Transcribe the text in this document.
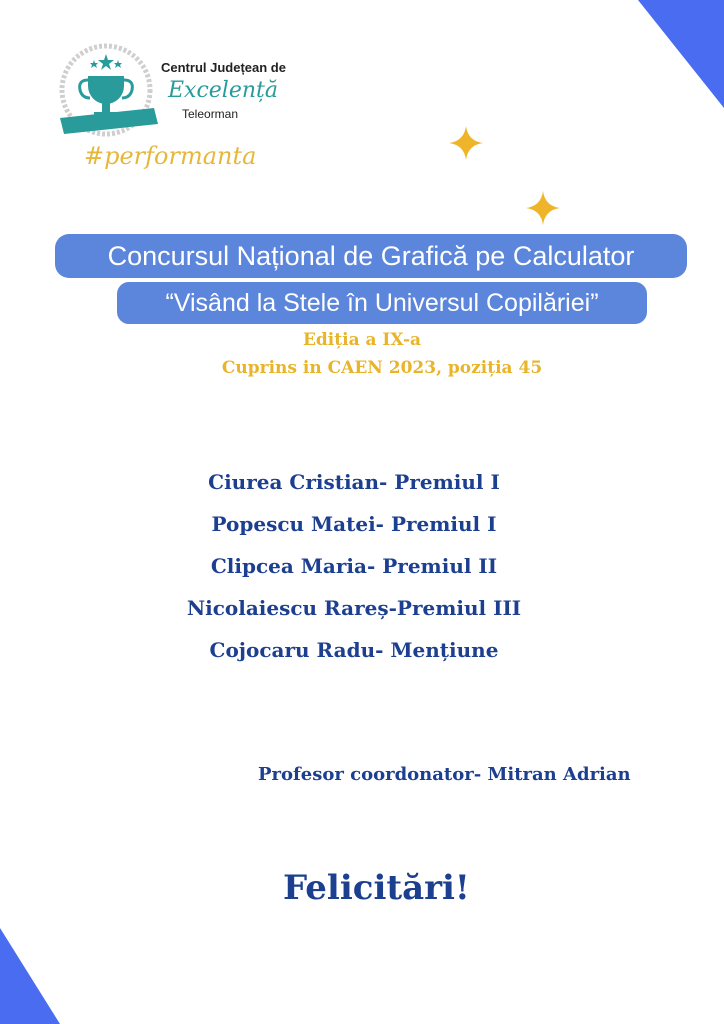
Centrul Județean de
Excelență
Teleorman
#performanta
Concursul Național de Grafică pe Calculator
“Visând la Stele în Universul Copilăriei”
Ediția a IX-a
Cuprins in CAEN 2023, poziția 45
Ciurea Cristian- Premiul I
Popescu Matei- Premiul I
Clipcea Maria- Premiul II
Nicolaiescu Rareș-Premiul III
Cojocaru Radu- Mențiune
Profesor coordonator- Mitran Adrian
Felicitări!
